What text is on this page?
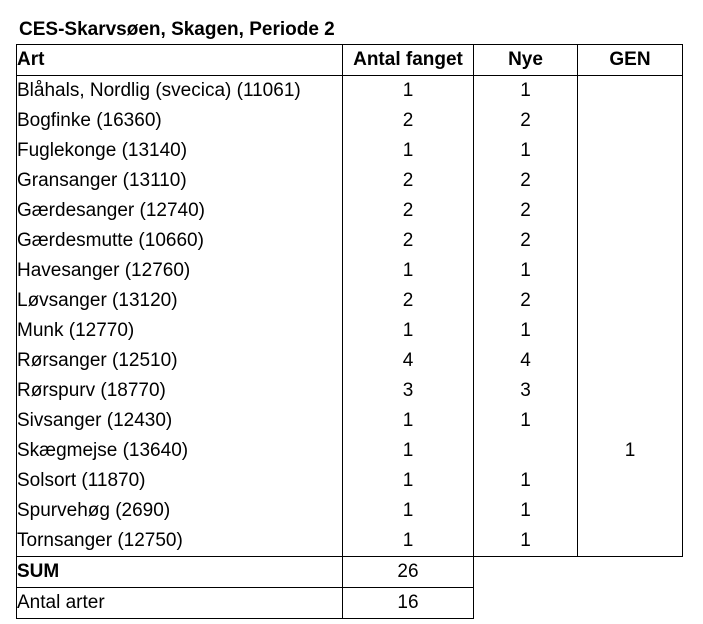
CES-Skarvsøen, Skagen, Periode 2
Art	Antal fanget	Nye	GEN
Blåhals, Nordlig (svecica) (11061)	1	1	
Bogfinke (16360)	2	2	
Fuglekonge (13140)	1	1	
Gransanger (13110)	2	2	
Gærdesanger (12740)	2	2	
Gærdesmutte (10660)	2	2	
Havesanger (12760)	1	1	
Løvsanger (13120)	2	2	
Munk (12770)	1	1	
Rørsanger (12510)	4	4	
Rørspurv (18770)	3	3	
Sivsanger (12430)	1	1	
Skægmejse (13640)	1		1
Solsort (11870)	1	1	
Spurvehøg (2690)	1	1	
Tornsanger (12750)	1	1	
SUM	26		
Antal arter	16		
